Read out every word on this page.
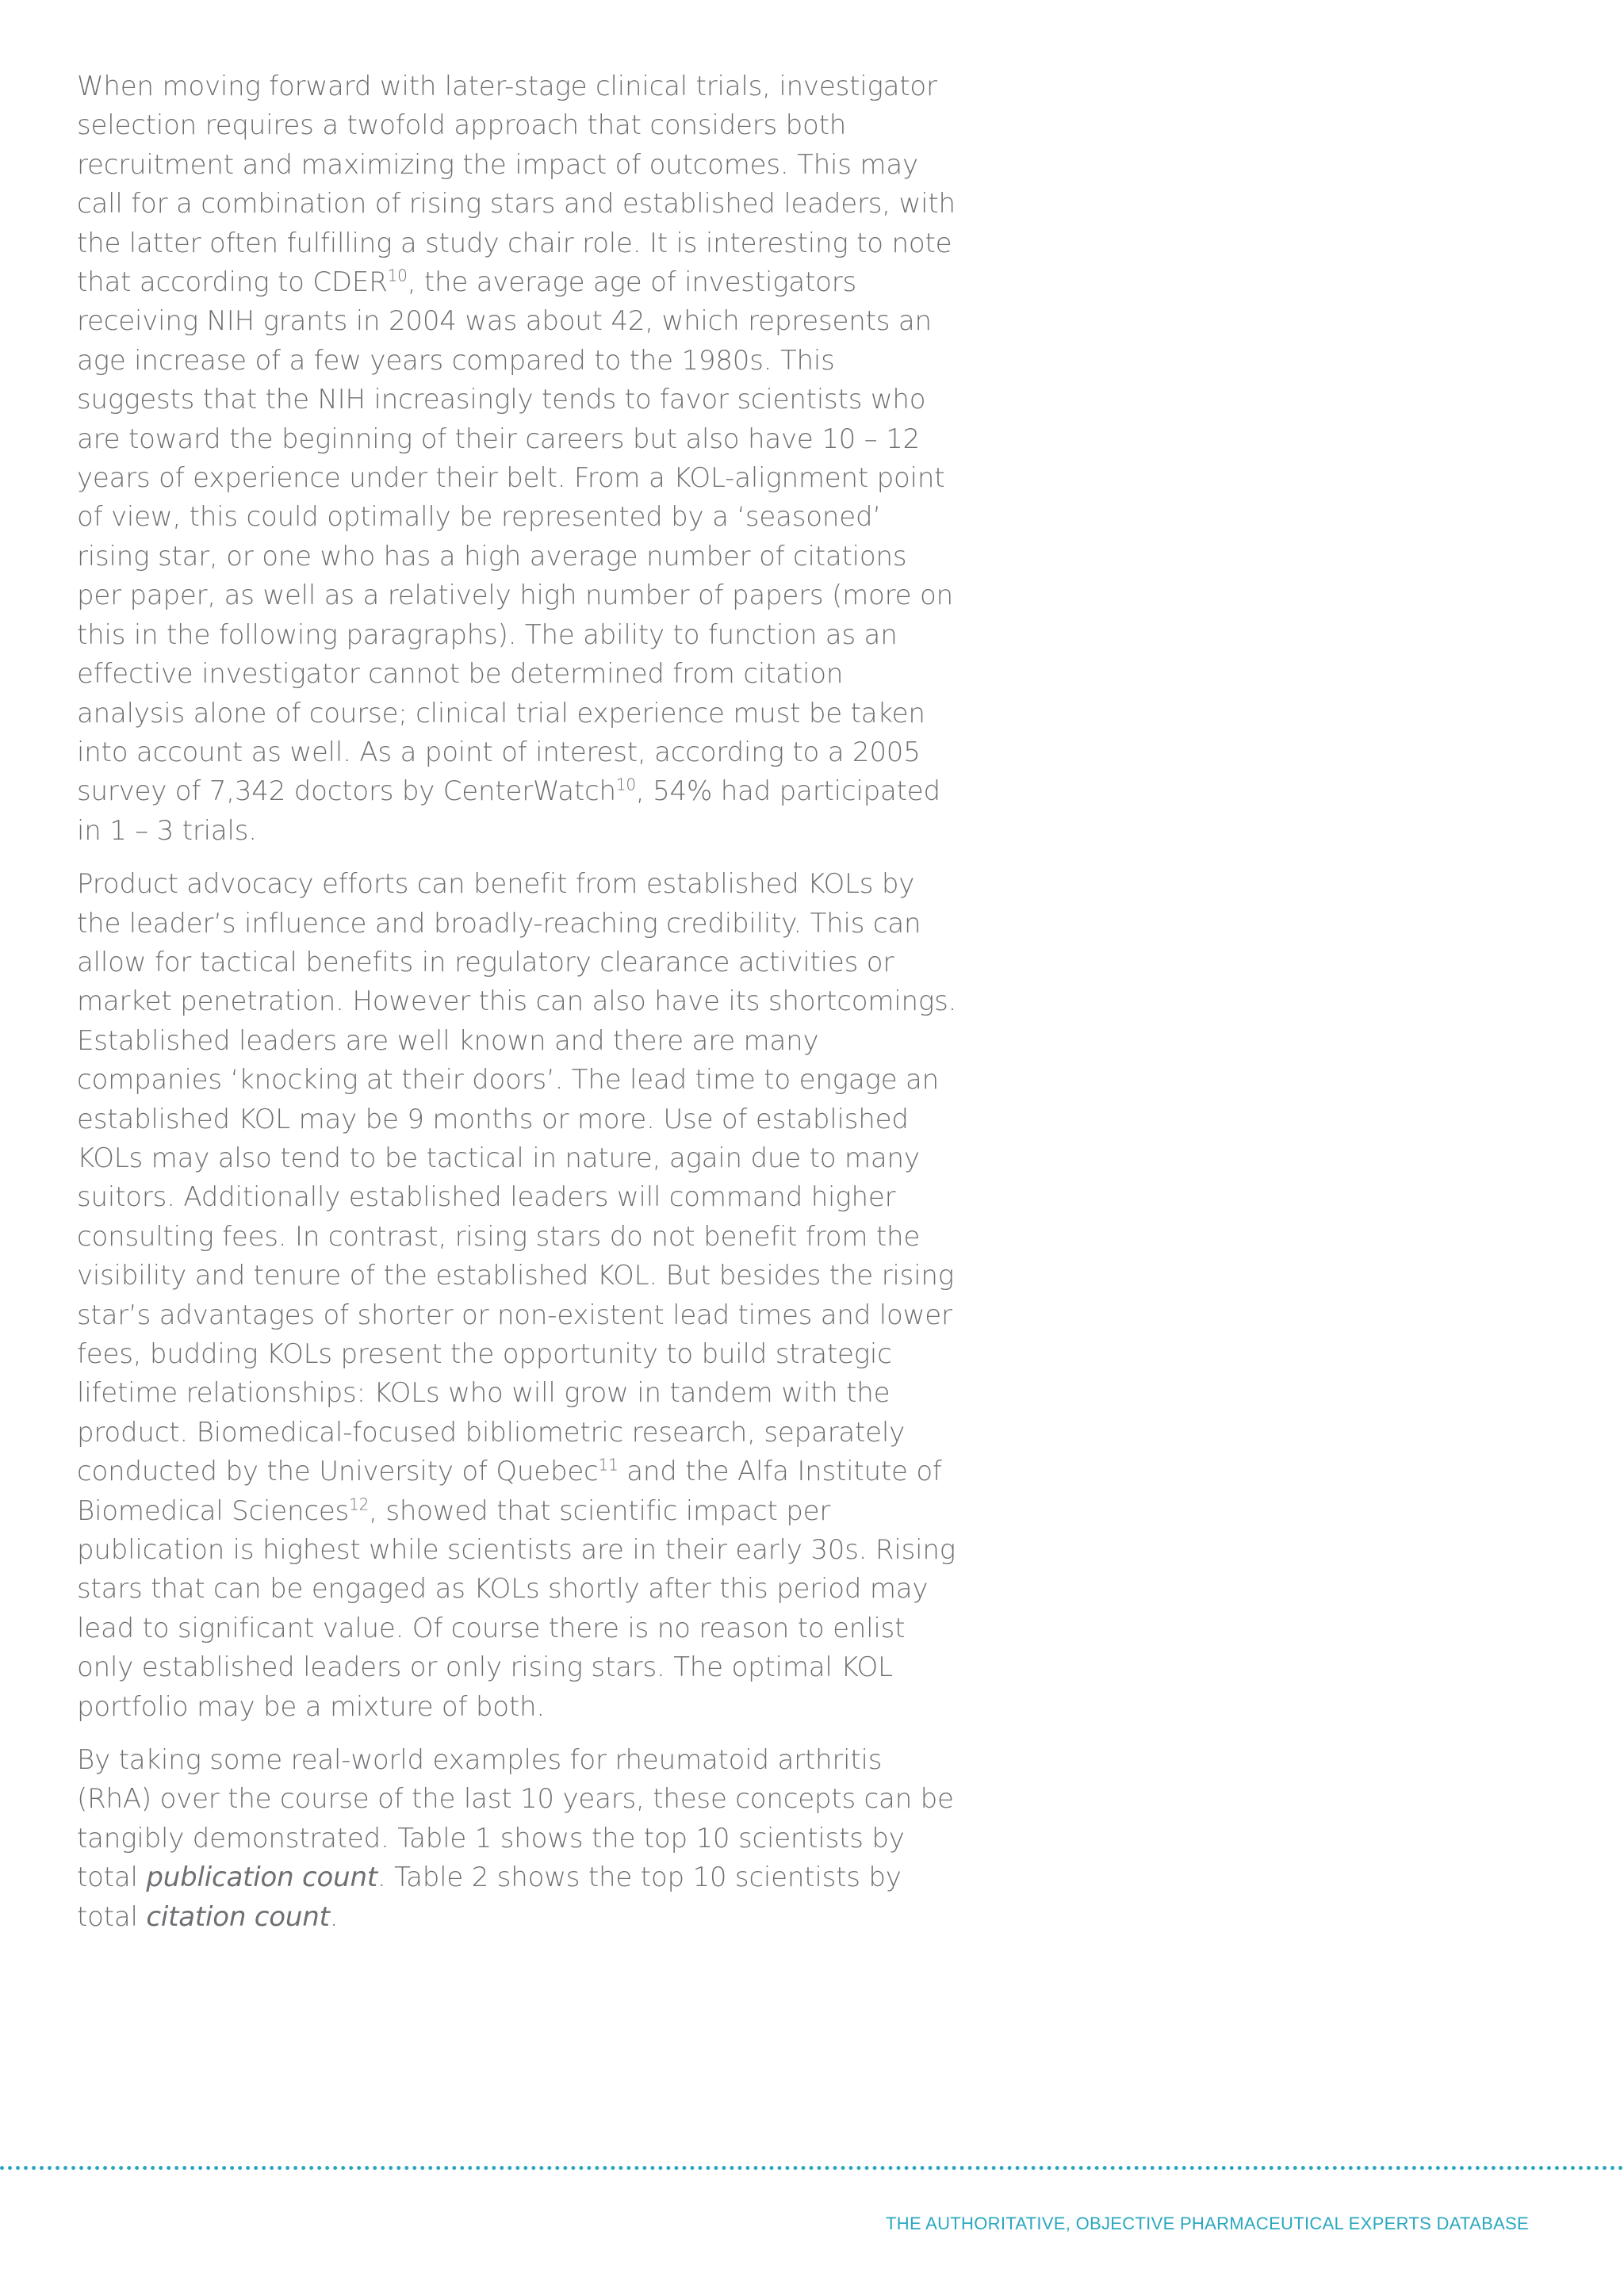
When moving forward with later-stage clinical trials, investigator selection requires a twofold approach that considers both recruitment and maximizing the impact of outcomes. This may call for a combination of rising stars and established leaders, with the latter often fulfilling a study chair role. It is interesting to note that according to CDER$^{10}$, the average age of investigators receiving NIH grants in 2004 was about 42, which represents an age increase of a few years compared to the 1980s. This suggests that the NIH increasingly tends to favor scientists who are toward the beginning of their careers but also have 10 – 12 years of experience under their belt. From a KOL-alignment point of view, this could optimally be represented by a ‘seasoned’ rising star, or one who has a high average number of citations per paper, as well as a relatively high number of papers (more on this in the following paragraphs). The ability to function as an effective investigator cannot be determined from citation analysis alone of course; clinical trial experience must be taken into account as well. As a point of interest, according to a 2005 survey of 7,342 doctors by CenterWatch$^{10}$, 54% had participated in 1 – 3 trials.

Product advocacy efforts can benefit from established KOLs by the leader’s influence and broadly-reaching credibility. This can allow for tactical benefits in regulatory clearance activities or market penetration. However this can also have its shortcomings. Established leaders are well known and there are many companies ‘knocking at their doors’. The lead time to engage an established KOL may be 9 months or more. Use of established KOLs may also tend to be tactical in nature, again due to many suitors. Additionally established leaders will command higher consulting fees. In contrast, rising stars do not benefit from the visibility and tenure of the established KOL. But besides the rising star’s advantages of shorter or non-existent lead times and lower fees, budding KOLs present the opportunity to build strategic lifetime relationships: KOLs who will grow in tandem with the product. Biomedical-focused bibliometric research, separately conducted by the University of Quebec$^{11}$ and the Alfa Institute of Biomedical Sciences$^{12}$, showed that scientific impact per publication is highest while scientists are in their early 30s. Rising stars that can be engaged as KOLs shortly after this period may lead to significant value. Of course there is no reason to enlist only established leaders or only rising stars. The optimal KOL portfolio may be a mixture of both.

By taking some real-world examples for rheumatoid arthritis (RhA) over the course of the last 10 years, these concepts can be tangibly demonstrated. Table 1 shows the top 10 scientists by total publication count. Table 2 shows the top 10 scientists by total citation count.

THE AUTHORITATIVE, OBJECTIVE PHARMACEUTICAL EXPERTS DATABASE
